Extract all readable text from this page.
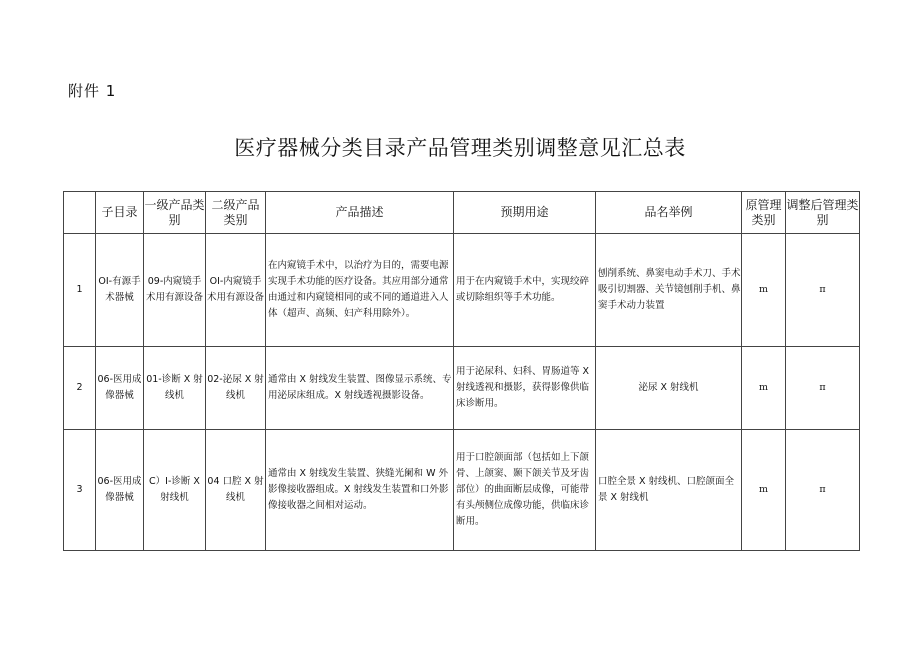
附件 1
医疗器械分类目录产品管理类别调整意见汇总表
	子目录	一级产品类别	二级产品类别	产品描述	预期用途	品名举例	原管理类别	调整后管理类别
1	OI-有源手术器械	09-内窥镜手术用有源设备	OI-内窥镜手术用有源设备	在内窥镜手术中，以治疗为目的，需要电源实现手术功能的医疗设备。其应用部分通常由通过和内窥镜相同的或不同的通道进入人体（超声、高频、妇产科用除外）。	用于在内窥镜手术中，实现绞碎或切除组织等手术功能。	刨削系统、鼻窦电动手术刀、手术吸引切割器、关节镜刨削手机、鼻窦手术动力装置	m	π
2	06-医用成像器械	01-诊断 X 射线机	02-泌尿 X 射线机	通常由 X 射线发生装置、图像显示系统、专用泌尿床组成。X 射线透视摄影设备。	用于泌尿科、妇科、胃肠道等 X 射线透视和摄影，获得影像供临床诊断用。	泌尿 X 射线机	m	π
3	06-医用成像器械	C）I-诊断 X 射线机	04 口腔 X 射线机	通常由 X 射线发生装置、狭缝光阑和 W 外影像接收器组成。X 射线发生装置和口外影像接收器之间相对运动。	用于口腔颌面部（包括如上下颌骨、上颌窦、颞下颌关节及牙齿部位）的曲面断层成像，可能带有头颅侧位成像功能，供临床诊断用。	口腔全景 X 射线机、口腔颌面全景 X 射线机	m	π
